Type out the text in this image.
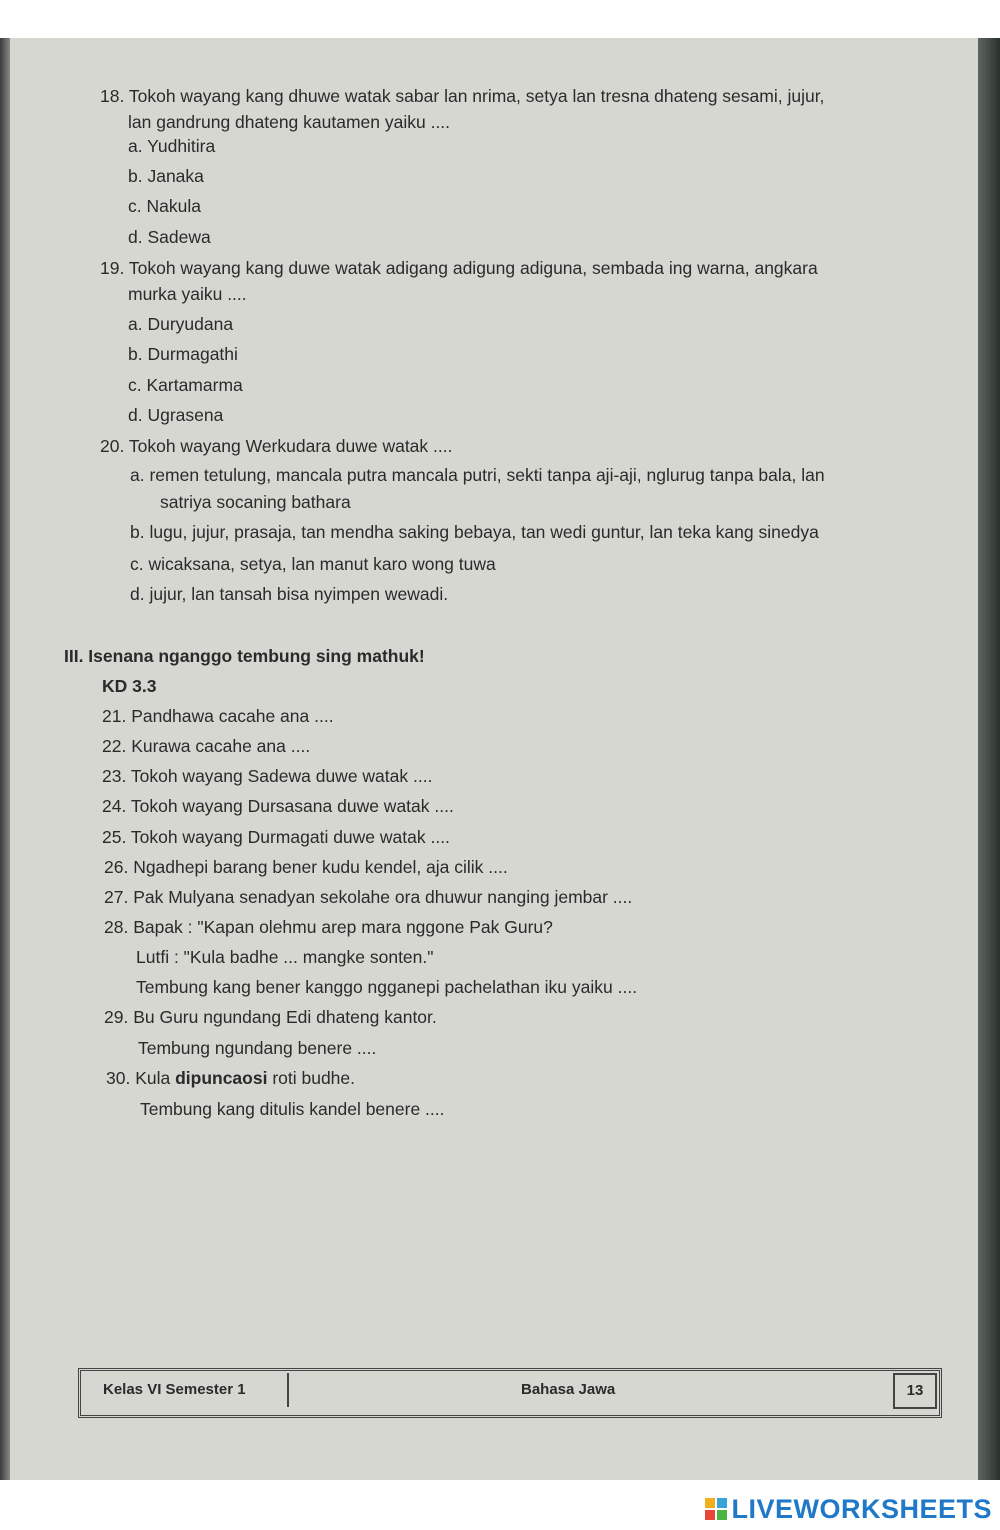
18. Tokoh wayang kang dhuwe watak sabar lan nrima, setya lan tresna dhateng sesami, jujur,
lan gandrung dhateng kautamen yaiku ....
a. Yudhitira
b. Janaka
c. Nakula
d. Sadewa
19. Tokoh wayang kang duwe watak adigang adigung adiguna, sembada ing warna, angkara
murka yaiku ....
a. Duryudana
b. Durmagathi
c. Kartamarma
d. Ugrasena
20. Tokoh wayang Werkudara duwe watak ....
a. remen tetulung, mancala putra mancala putri, sekti tanpa aji-aji, nglurug tanpa bala, lan
satriya socaning bathara
b. lugu, jujur, prasaja, tan mendha saking bebaya, tan wedi guntur, lan teka kang sinedya
c. wicaksana, setya, lan manut karo wong tuwa
d. jujur, lan tansah bisa nyimpen wewadi.
III. Isenana nganggo tembung sing mathuk!
KD 3.3
21. Pandhawa cacahe ana ....
22. Kurawa cacahe ana ....
23. Tokoh wayang Sadewa duwe watak ....
24. Tokoh wayang Dursasana duwe watak ....
25. Tokoh wayang Durmagati duwe watak ....
26. Ngadhepi barang bener kudu kendel, aja cilik ....
27. Pak Mulyana senadyan sekolahe ora dhuwur nanging jembar ....
28. Bapak : "Kapan olehmu arep mara nggone Pak Guru?
Lutfi : "Kula badhe ... mangke sonten."
Tembung kang bener kanggo ngganepi pachelathan iku yaiku ....
29. Bu Guru ngundang Edi dhateng kantor.
Tembung ngundang benere ....
30. Kula dipuncaosi roti budhe.
Tembung kang ditulis kandel benere ....
Kelas VI Semester 1	Bahasa Jawa	13
LIVEWORKSHEETS
